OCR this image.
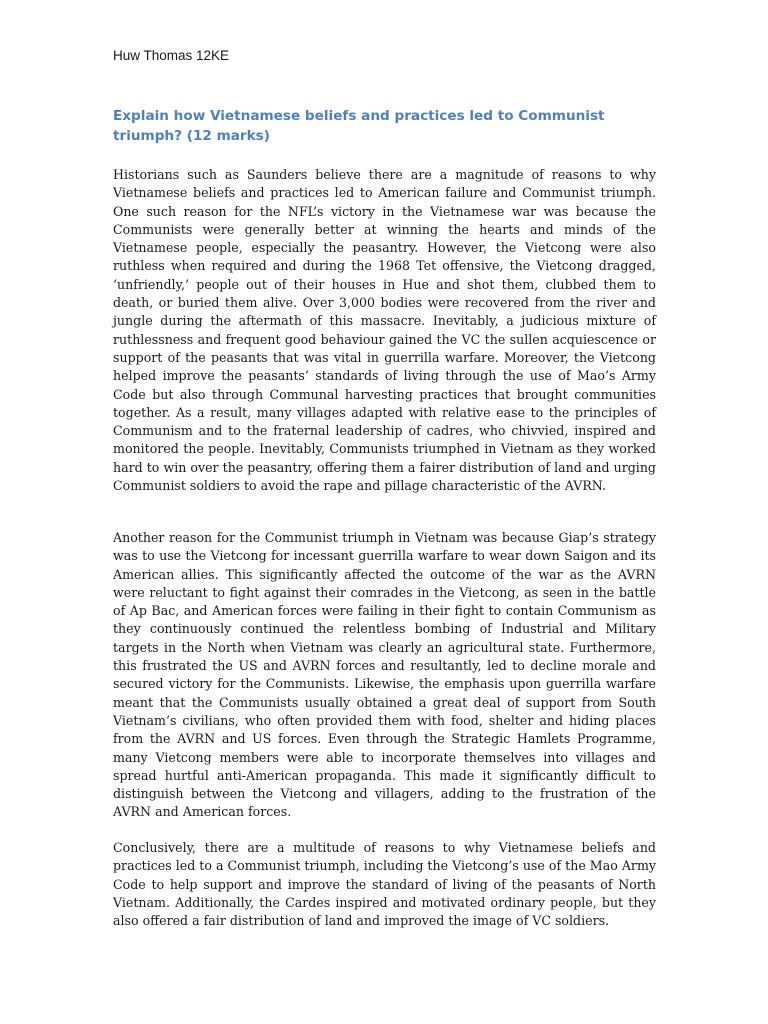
Huw Thomas 12KE
Explain how Vietnamese beliefs and practices led to Communist triumph? (12 marks)

Historians such as Saunders believe there are a magnitude of reasons to why Vietnamese beliefs and practices led to American failure and Communist triumph. One such reason for the NFL’s victory in the Vietnamese war was because the Communists were generally better at winning the hearts and minds of the Vietnamese people, especially the peasantry. However, the Vietcong were also ruthless when required and during the 1968 Tet offensive, the Vietcong dragged, ‘unfriendly,’ people out of their houses in Hue and shot them, clubbed them to death, or buried them alive. Over 3,000 bodies were recovered from the river and jungle during the aftermath of this massacre. Inevitably, a judicious mixture of ruthlessness and frequent good behaviour gained the VC the sullen acquiescence or support of the peasants that was vital in guerrilla warfare. Moreover, the Vietcong helped improve the peasants’ standards of living through the use of Mao’s Army Code but also through Communal harvesting practices that brought communities together. As a result, many villages adapted with relative ease to the principles of Communism and to the fraternal leadership of cadres, who chivvied, inspired and monitored the people. Inevitably, Communists triumphed in Vietnam as they worked hard to win over the peasantry, offering them a fairer distribution of land and urging Communist soldiers to avoid the rape and pillage characteristic of the AVRN.

Another reason for the Communist triumph in Vietnam was because Giap’s strategy was to use the Vietcong for incessant guerrilla warfare to wear down Saigon and its American allies. This significantly affected the outcome of the war as the AVRN were reluctant to fight against their comrades in the Vietcong, as seen in the battle of Ap Bac, and American forces were failing in their fight to contain Communism as they continuously continued the relentless bombing of Industrial and Military targets in the North when Vietnam was clearly an agricultural state. Furthermore, this frustrated the US and AVRN forces and resultantly, led to decline morale and secured victory for the Communists. Likewise, the emphasis upon guerrilla warfare meant that the Communists usually obtained a great deal of support from South Vietnam’s civilians, who often provided them with food, shelter and hiding places from the AVRN and US forces. Even through the Strategic Hamlets Programme, many Vietcong members were able to incorporate themselves into villages and spread hurtful anti-American propaganda. This made it significantly difficult to distinguish between the Vietcong and villagers, adding to the frustration of the AVRN and American forces.

Conclusively, there are a multitude of reasons to why Vietnamese beliefs and practices led to a Communist triumph, including the Vietcong’s use of the Mao Army Code to help support and improve the standard of living of the peasants of North Vietnam. Additionally, the Cardes inspired and motivated ordinary people, but they also offered a fair distribution of land and improved the image of VC soldiers.
